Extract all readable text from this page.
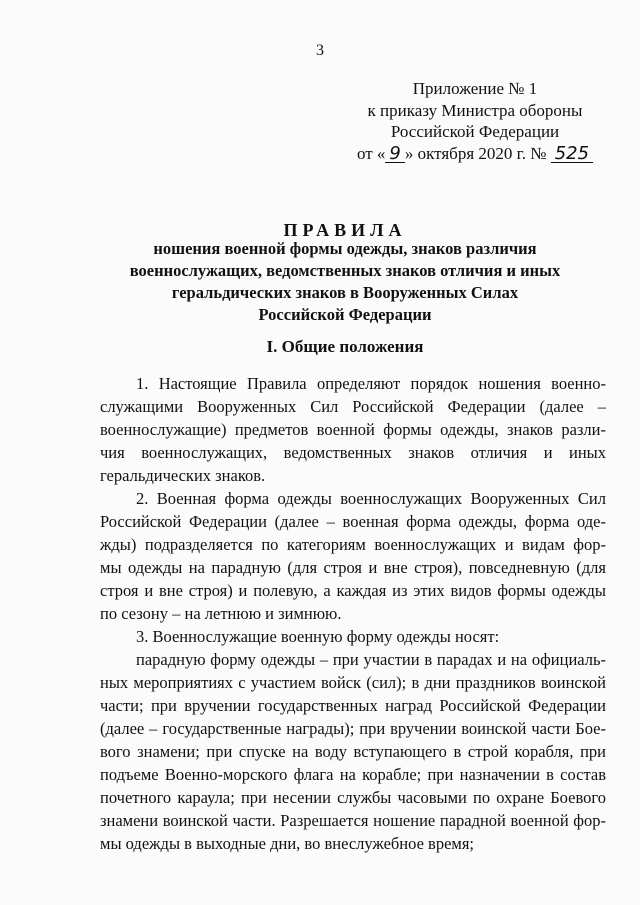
3
Приложение № 1
к приказу Министра обороны
Российской Федерации
от « 9 » октября 2020 г. № 525
ПРАВИЛА
ношения военной формы одежды, знаков различия
военнослужащих, ведомственных знаков отличия и иных
геральдических знаков в Вооруженных Силах
Российской Федерации
I. Общие положения
1. Настоящие Правила определяют порядок ношения военно-
служащими Вооруженных Сил Российской Федерации (далее –
военнослужащие) предметов военной формы одежды, знаков разли-
чия военнослужащих, ведомственных знаков отличия и иных
геральдических знаков.
2. Военная форма одежды военнослужащих Вооруженных Сил
Российской Федерации (далее – военная форма одежды, форма оде-
жды) подразделяется по категориям военнослужащих и видам фор-
мы одежды на парадную (для строя и вне строя), повседневную (для
строя и вне строя) и полевую, а каждая из этих видов формы одежды
по сезону – на летнюю и зимнюю.
3. Военнослужащие военную форму одежды носят:
парадную форму одежды – при участии в парадах и на официаль-
ных мероприятиях с участием войск (сил); в дни праздников воинской
части; при вручении государственных наград Российской Федерации
(далее – государственные награды); при вручении воинской части Бое-
вого знамени; при спуске на воду вступающего в строй корабля, при
подъеме Военно-морского флага на корабле; при назначении в состав
почетного караула; при несении службы часовыми по охране Боевого
знамени воинской части. Разрешается ношение парадной военной фор-
мы одежды в выходные дни, во внеслужебное время;
